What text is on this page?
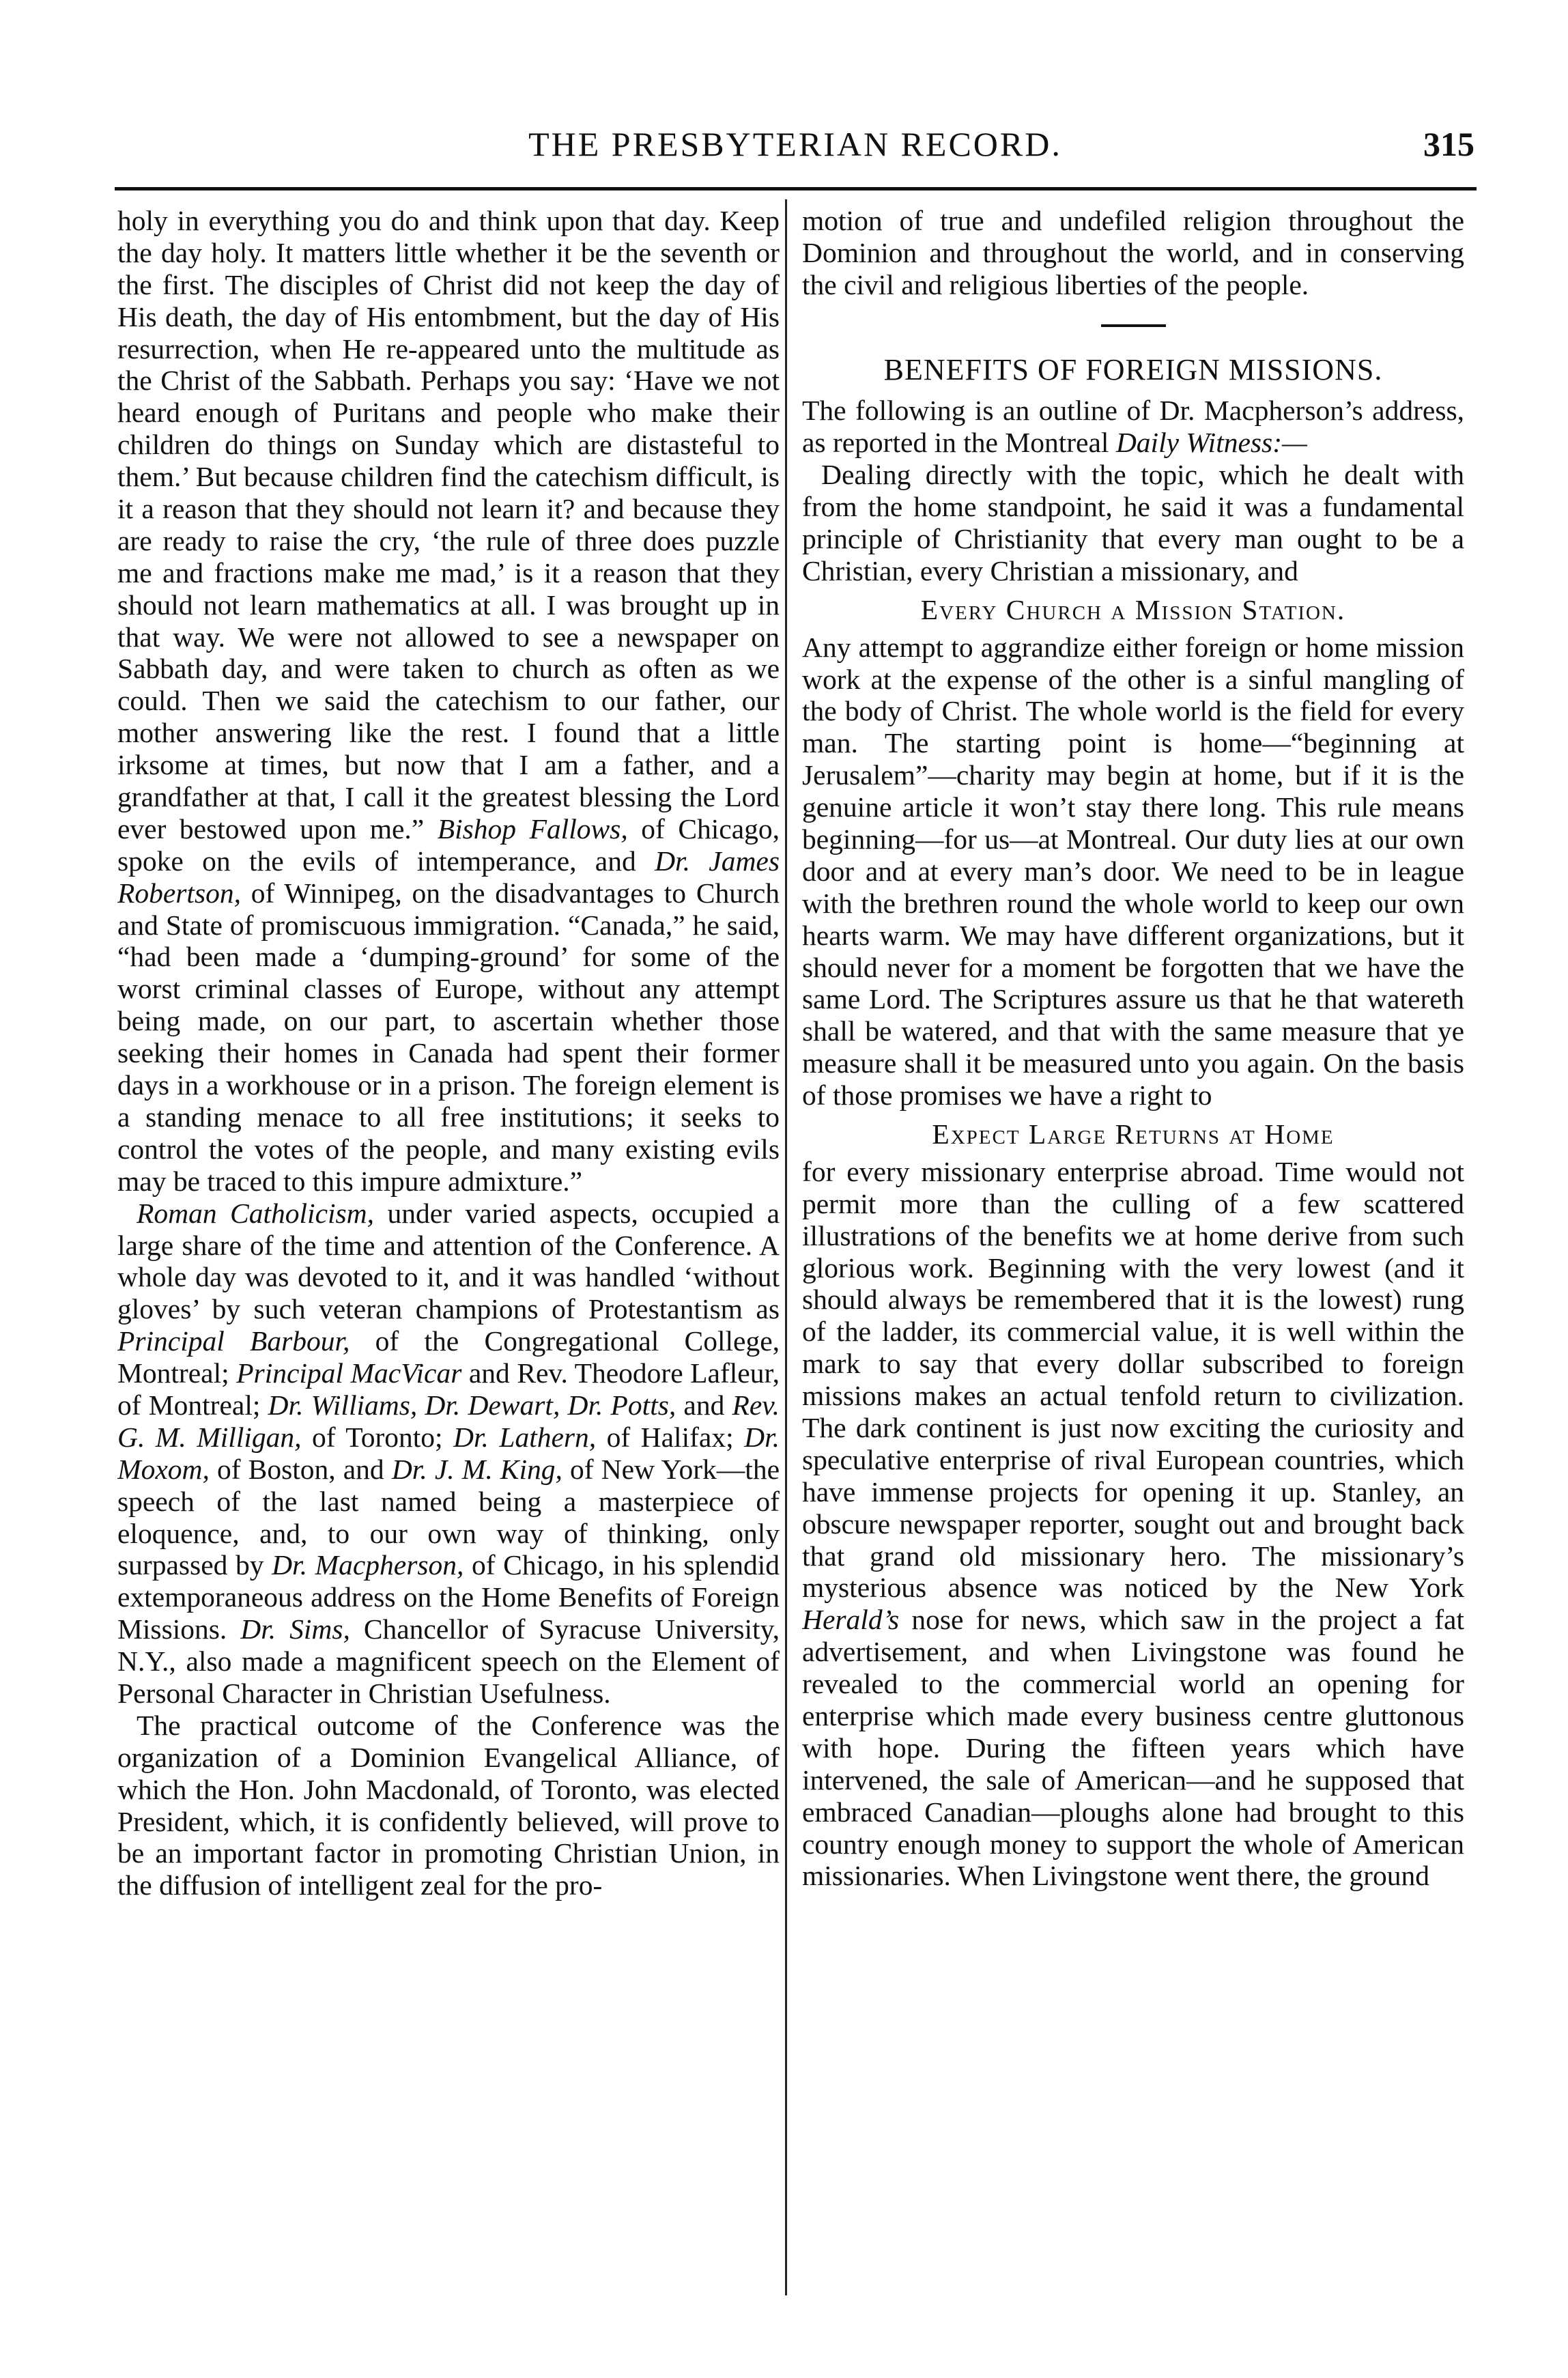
THE PRESBYTERIAN RECORD.	315

holy in everything you do and think upon that day. Keep the day holy. It matters little whether it be the seventh or the first. The disciples of Christ did not keep the day of His death, the day of His entombment, but the day of His resurrection, when He re-appeared unto the multitude as the Christ of the Sabbath. Perhaps you say: ‘Have we not heard enough of Puritans and people who make their children do things on Sunday which are distasteful to them.’ But because children find the catechism difficult, is it a reason that they should not learn it? and because they are ready to raise the cry, ‘the rule of three does puzzle me and fractions make me mad,’ is it a reason that they should not learn mathematics at all. I was brought up in that way. We were not allowed to see a newspaper on Sabbath day, and were taken to church as often as we could. Then we said the catechism to our father, our mother answering like the rest. I found that a little irksome at times, but now that I am a father, and a grandfather at that, I call it the greatest blessing the Lord ever bestowed upon me.” Bishop Fallows, of Chicago, spoke on the evils of intemperance, and Dr. James Robertson, of Winnipeg, on the disadvantages to Church and State of promiscuous immigration. “Canada,” he said, “had been made a ‘dumping-ground’ for some of the worst criminal classes of Europe, without any attempt being made, on our part, to ascertain whether those seeking their homes in Canada had spent their former days in a workhouse or in a prison. The foreign element is a standing menace to all free institutions; it seeks to control the votes of the people, and many existing evils may be traced to this impure admixture.”

Roman Catholicism, under varied aspects, occupied a large share of the time and attention of the Conference. A whole day was devoted to it, and it was handled ‘without gloves’ by such veteran champions of Protestantism as Principal Barbour, of the Congregational College, Montreal; Principal MacVicar and Rev. Theodore Lafleur, of Montreal; Dr. Williams, Dr. Dewart, Dr. Potts, and Rev. G. M. Milligan, of Toronto; Dr. Lathern, of Halifax; Dr. Moxom, of Boston, and Dr. J. M. King, of New York—the speech of the last named being a masterpiece of eloquence, and, to our own way of thinking, only surpassed by Dr. Macpherson, of Chicago, in his splendid extemporaneous address on the Home Benefits of Foreign Missions. Dr. Sims, Chancellor of Syracuse University, N.Y., also made a magnificent speech on the Element of Personal Character in Christian Usefulness.

The practical outcome of the Conference was the organization of a Dominion Evangelical Alliance, of which the Hon. John Macdonald, of Toronto, was elected President, which, it is confidently believed, will prove to be an important factor in promoting Christian Union, in the diffusion of intelligent zeal for the pro-

motion of true and undefiled religion throughout the Dominion and throughout the world, and in conserving the civil and religious liberties of the people.

BENEFITS OF FOREIGN MISSIONS.

The following is an outline of Dr. Macpherson’s address, as reported in the Montreal Daily Witness:—

Dealing directly with the topic, which he dealt with from the home standpoint, he said it was a fundamental principle of Christianity that every man ought to be a Christian, every Christian a missionary, and

Every Church a Mission Station.

Any attempt to aggrandize either foreign or home mission work at the expense of the other is a sinful mangling of the body of Christ. The whole world is the field for every man. The starting point is home—“beginning at Jerusalem”—charity may begin at home, but if it is the genuine article it won’t stay there long. This rule means beginning—for us—at Montreal. Our duty lies at our own door and at every man’s door. We need to be in league with the brethren round the whole world to keep our own hearts warm. We may have different organizations, but it should never for a moment be forgotten that we have the same Lord. The Scriptures assure us that he that watereth shall be watered, and that with the same measure that ye measure shall it be measured unto you again. On the basis of those promises we have a right to

Expect Large Returns at Home

for every missionary enterprise abroad. Time would not permit more than the culling of a few scattered illustrations of the benefits we at home derive from such glorious work. Beginning with the very lowest (and it should always be remembered that it is the lowest) rung of the ladder, its commercial value, it is well within the mark to say that every dollar subscribed to foreign missions makes an actual tenfold return to civilization. The dark continent is just now exciting the curiosity and speculative enterprise of rival European countries, which have immense projects for opening it up. Stanley, an obscure newspaper reporter, sought out and brought back that grand old missionary hero. The missionary’s mysterious absence was noticed by the New York Herald’s nose for news, which saw in the project a fat advertisement, and when Livingstone was found he revealed to the commercial world an opening for enterprise which made every business centre gluttonous with hope. During the fifteen years which have intervened, the sale of American—and he supposed that embraced Canadian—ploughs alone had brought to this country enough money to support the whole of American missionaries. When Livingstone went there, the ground
